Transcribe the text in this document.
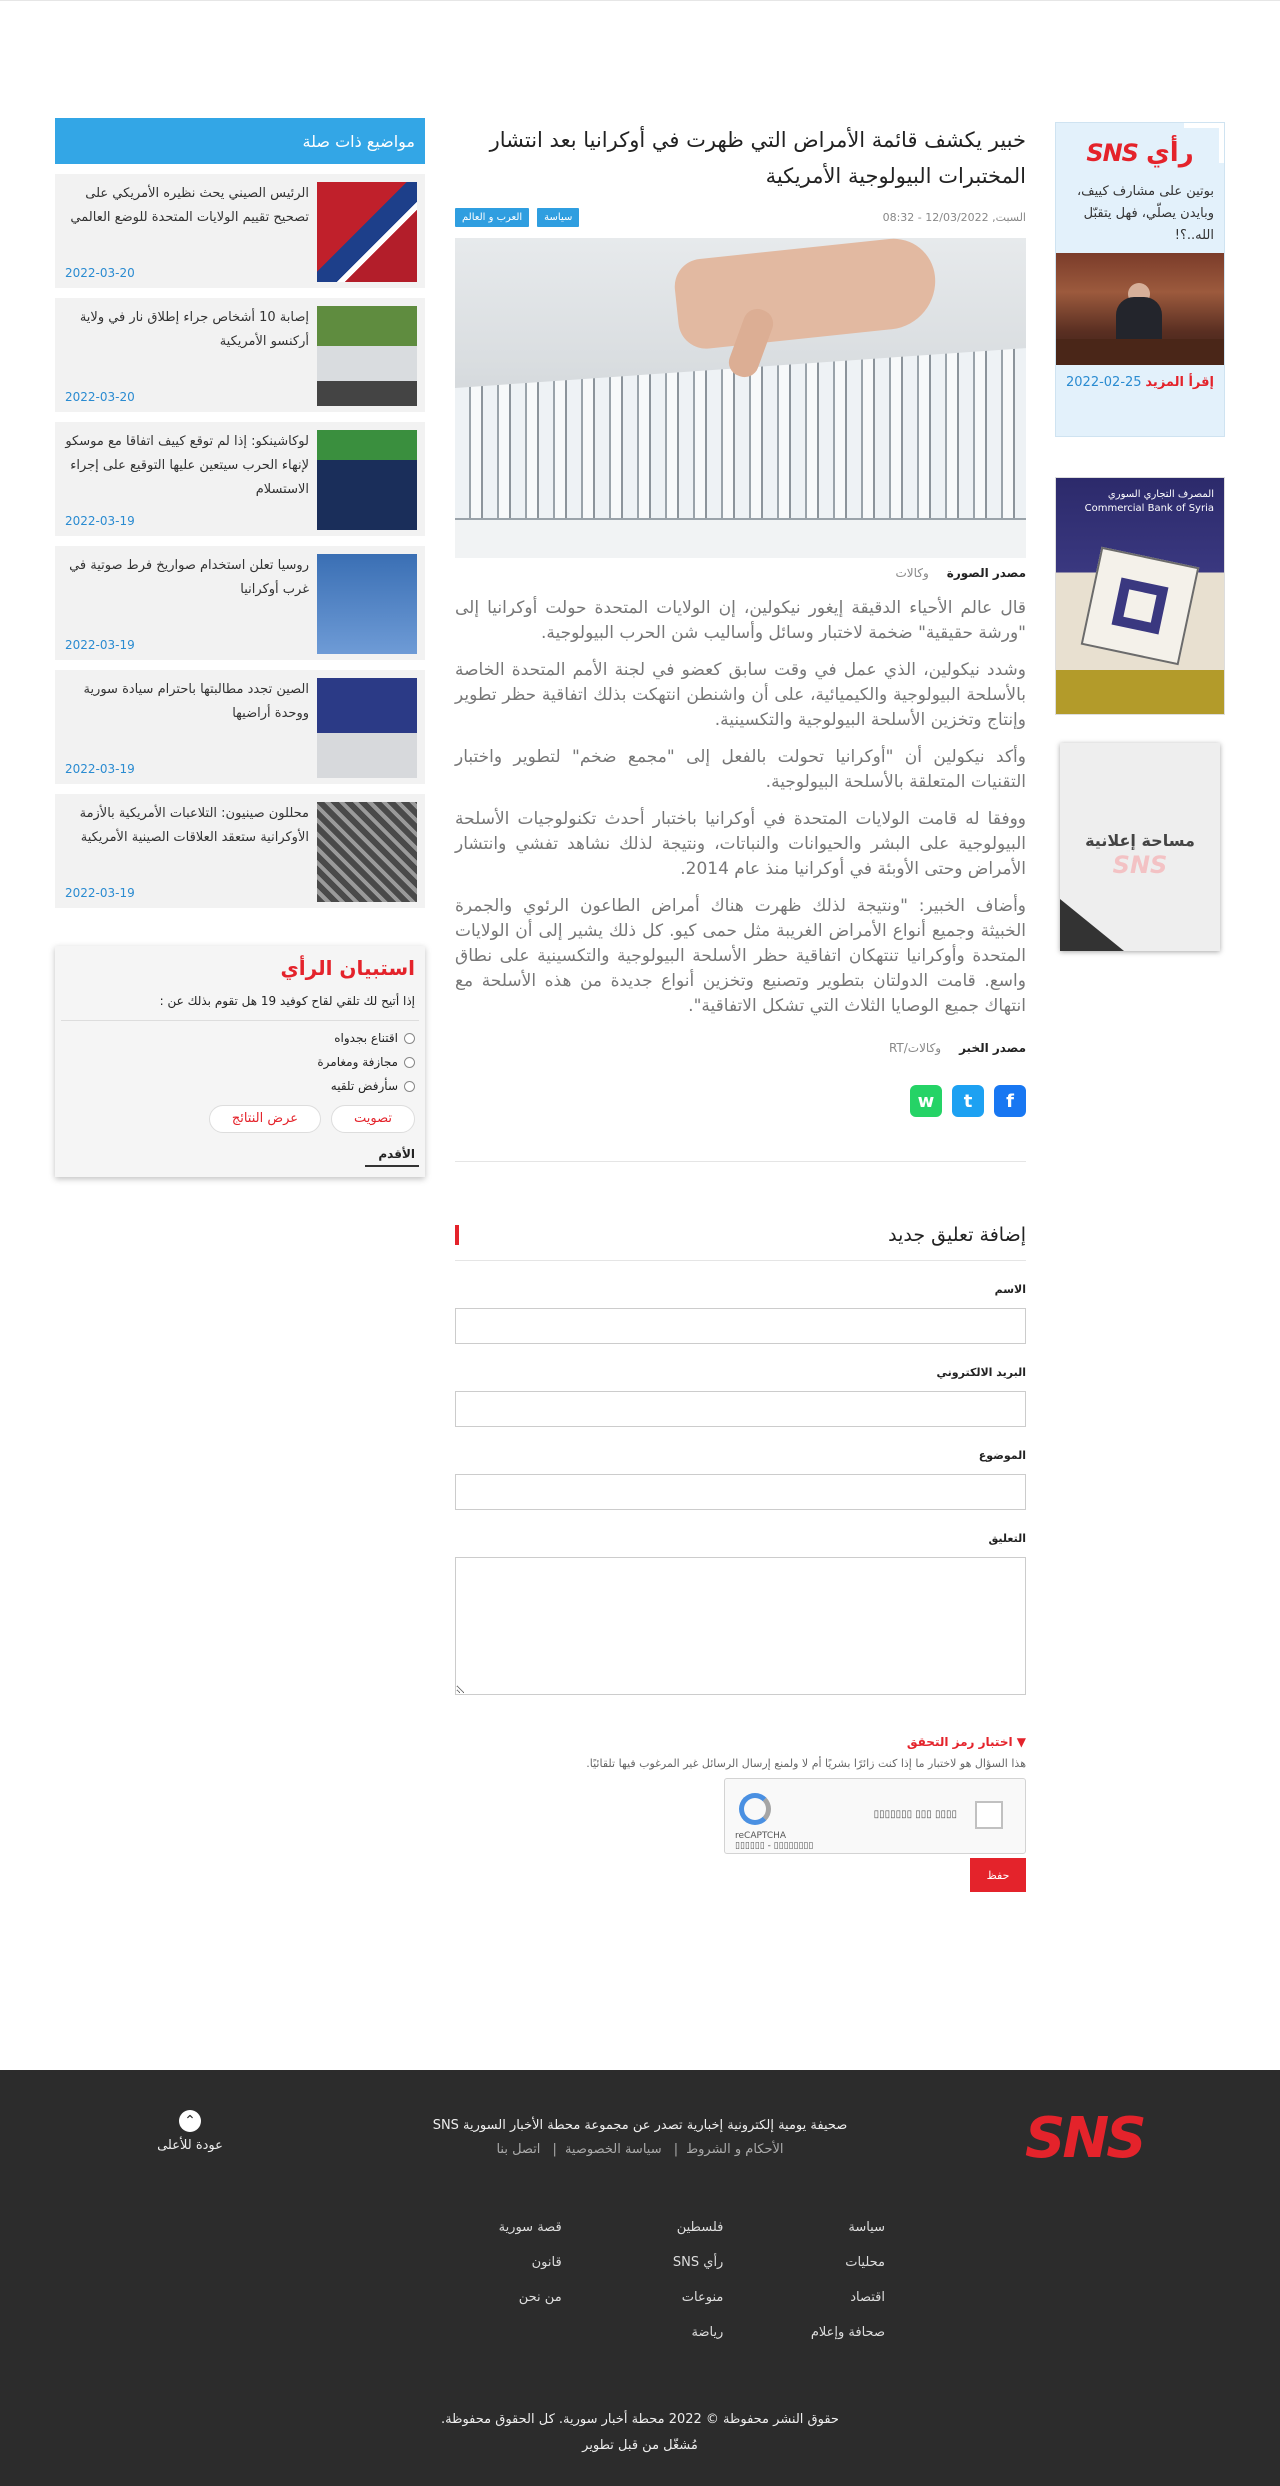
رأي
SNS
بوتين على مشارف كييف، وبايدن يصلّي، فهل يتقبّل الله..؟!
إقرأ المزيد
2022-02-25
المصرف التجاري السوري
Commercial Bank of Syria
مساحة إعلانية
SNS
خبير يكشف قائمة الأمراض التي ظهرت في أوكرانيا بعد انتشار المختبرات البيولوجية الأمريكية
السبت, 12/03/2022 - 08:32
العرب و العالم	سياسة
مصدر الصورة
وكالات

قال عالم الأحياء الدقيقة إيغور نيكولين، إن الولايات المتحدة حولت أوكرانيا إلى "ورشة حقيقية" ضخمة لاختبار وسائل وأساليب شن الحرب البيولوجية.

وشدد نيكولين، الذي عمل في وقت سابق كعضو في لجنة الأمم المتحدة الخاصة بالأسلحة البيولوجية والكيميائية، على أن واشنطن انتهكت بذلك اتفاقية حظر تطوير وإنتاج وتخزين الأسلحة البيولوجية والتكسينية.

وأكد نيكولين أن "أوكرانيا تحولت بالفعل إلى "مجمع ضخم" لتطوير واختبار التقنيات المتعلقة بالأسلحة البيولوجية.

ووفقا له قامت الولايات المتحدة في أوكرانيا باختبار أحدث تكنولوجيات الأسلحة البيولوجية على البشر والحيوانات والنباتات، ونتيجة لذلك نشاهد تفشي وانتشار الأمراض وحتى الأوبئة في أوكرانيا منذ عام 2014.

وأضاف الخبير: "ونتيجة لذلك ظهرت هناك أمراض الطاعون الرئوي والجمرة الخبيثة وجميع أنواع الأمراض الغريبة مثل حمى كيو. كل ذلك يشير إلى أن الولايات المتحدة وأوكرانيا تنتهكان اتفاقية حظر الأسلحة البيولوجية والتكسينية على نطاق واسع. قامت الدولتان بتطوير وتصنيع وتخزين أنواع جديدة من هذه الأسلحة مع انتهاك جميع الوصايا الثلاث التي تشكل الاتفاقية".

مصدر الخبر
وكالات/RT
w	t	f
إضافة تعليق جديد
الاسم
البريد الالكتروني
الموضوع
التعليق
▼ اختبار رمز التحقق
هذا السؤال هو لاختبار ما إذا كنت زائرًا بشريًا أم لا ولمنع إرسال الرسائل غير المرغوب فيها تلقائيًا.
▯▯▯▯▯▯▯ ▯▯▯ ▯▯▯▯
reCAPTCHA
▯▯▯▯▯▯ - ▯▯▯▯▯▯▯▯
حفظ
مواضيع ذات صلة
الرئيس الصيني يحث نظيره الأمريكي على تصحيح تقييم الولايات المتحدة للوضع العالمي
2022-03-20
إصابة 10 أشخاص جراء إطلاق نار في ولاية أركنسو الأمريكية
2022-03-20
لوكاشينكو: إذا لم توقع كييف اتفاقا مع موسكو لإنهاء الحرب سيتعين عليها التوقيع على إجراء الاستسلام
2022-03-19
روسيا تعلن استخدام صواريخ فرط صوتية في غرب أوكرانيا
2022-03-19
الصين تجدد مطالبتها باحترام سيادة سورية ووحدة أراضيها
2022-03-19
محللون صينيون: التلاعبات الأمريكية بالأزمة الأوكرانية ستعقد العلاقات الصينية الأمريكية
2022-03-19
استبيان الرأي
إذا أتيح لك تلقي لقاح كوفيد 19 هل تقوم بذلك عن :
اقتناع بجدواه
مجازفة ومغامرة
سأرفض تلقيه
تصويت
عرض النتائج
الأقدم
SNS
صحيفة يومية إلكترونية إخبارية تصدر عن مجموعة محطة الأخبار السورية SNS
الأحكام و الشروط| سياسة الخصوصية| اتصل بنا
⌃
عودة للأعلى
سياسة
فلسطين
قصة سورية
محليات
رأي SNS
قانون
اقتصاد
منوعات
من نحن
صحافة وإعلام
رياضة
حقوق النشر محفوظة © 2022 محطة أخبار سورية. كل الحقوق محفوظة.
مُشغّل من قبل تطوير
